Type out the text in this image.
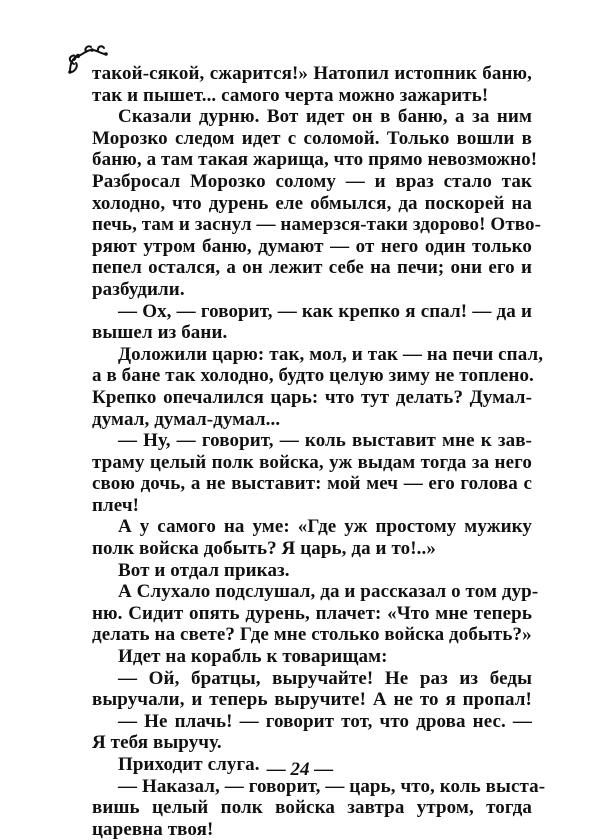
такой-сякой, сжарится!» Натопил истопник баню,
так и пышет... самого черта можно зажарить!
Сказали дурню. Вот идет он в баню, а за ним
Морозко следом идет с соломой. Только вошли в
баню, а там такая жарища, что прямо невозможно!
Разбросал Морозко солому — и враз стало так
холодно, что дурень еле обмылся, да поскорей на
печь, там и заснул — намерзся-таки здорово! Отво-
ряют утром баню, думают — от него один только
пепел остался, а он лежит себе на печи; они его и
разбудили.
— Ох, — говорит, — как крепко я спал! — да и
вышел из бани.
Доложили царю: так, мол, и так — на печи спал,
а в бане так холодно, будто целую зиму не топлено.
Крепко опечалился царь: что тут делать? Думал-
думал, думал-думал...
— Ну, — говорит, — коль выставит мне к зав-
траму целый полк войска, уж выдам тогда за него
свою дочь, а не выставит: мой меч — его голова с
плеч!
А у самого на уме: «Где уж простому мужику
полк войска добыть? Я царь, да и то!..»
Вот и отдал приказ.
А Слухало подслушал, да и рассказал о том дур-
ню. Сидит опять дурень, плачет: «Что мне теперь
делать на свете? Где мне столько войска добыть?»
Идет на корабль к товарищам:
— Ой, братцы, выручайте! Не раз из беды
выручали, и теперь выручите! А не то я пропал!
— Не плачь! — говорит тот, что дрова нес. —
Я тебя выручу.
Приходит слуга.
— Наказал, — говорит, — царь, что, коль выста-
вишь целый полк войска завтра утром, тогда
царевна твоя!
— 24 —
